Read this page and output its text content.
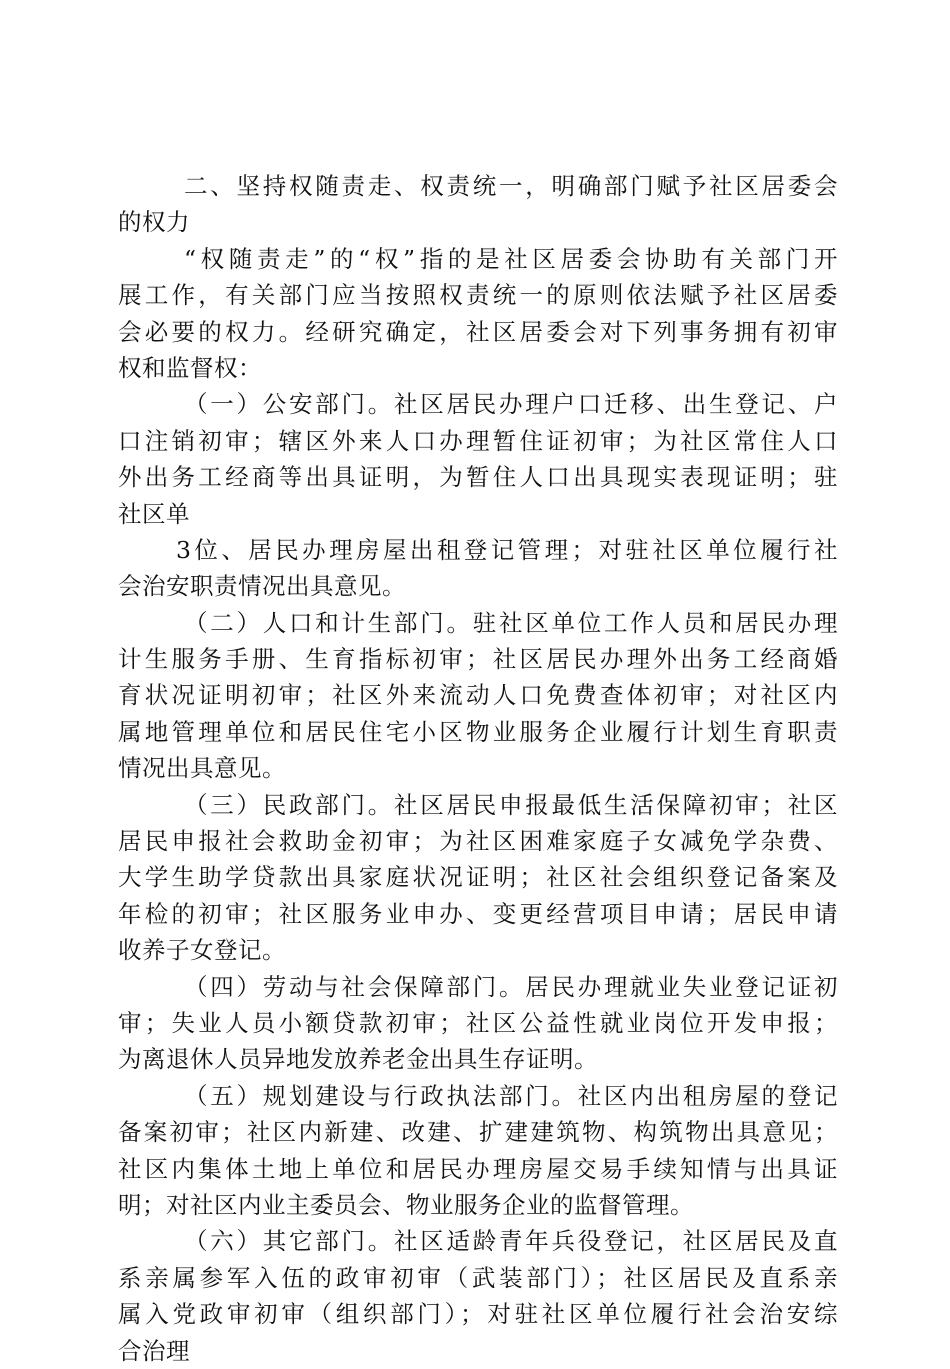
二、坚持权随责走、权责统一，明确部门赋予社区居委会
的权力
“权随责走”的“权”指的是社区居委会协助有关部门开
展工作，有关部门应当按照权责统一的原则依法赋予社区居委
会必要的权力。经研究确定，社区居委会对下列事务拥有初审
权和监督权：
（一）公安部门。社区居民办理户口迁移、出生登记、户
口注销初审；辖区外来人口办理暂住证初审；为社区常住人口
外出务工经商等出具证明，为暂住人口出具现实表现证明；驻
社区单
3位、居民办理房屋出租登记管理；对驻社区单位履行社
会治安职责情况出具意见。
（二）人口和计生部门。驻社区单位工作人员和居民办理
计生服务手册、生育指标初审；社区居民办理外出务工经商婚
育状况证明初审；社区外来流动人口免费查体初审；对社区内
属地管理单位和居民住宅小区物业服务企业履行计划生育职责
情况出具意见。
（三）民政部门。社区居民申报最低生活保障初审；社区
居民申报社会救助金初审；为社区困难家庭子女减免学杂费、
大学生助学贷款出具家庭状况证明；社区社会组织登记备案及
年检的初审；社区服务业申办、变更经营项目申请；居民申请
收养子女登记。
（四）劳动与社会保障部门。居民办理就业失业登记证初
审；失业人员小额贷款初审；社区公益性就业岗位开发申报；
为离退休人员异地发放养老金出具生存证明。
（五）规划建设与行政执法部门。社区内出租房屋的登记
备案初审；社区内新建、改建、扩建建筑物、构筑物出具意见；
社区内集体土地上单位和居民办理房屋交易手续知情与出具证
明；对社区内业主委员会、物业服务企业的监督管理。
（六）其它部门。社区适龄青年兵役登记，社区居民及直
系亲属参军入伍的政审初审（武装部门）；社区居民及直系亲
属入党政审初审（组织部门）；对驻社区单位履行社会治安综
合治理
